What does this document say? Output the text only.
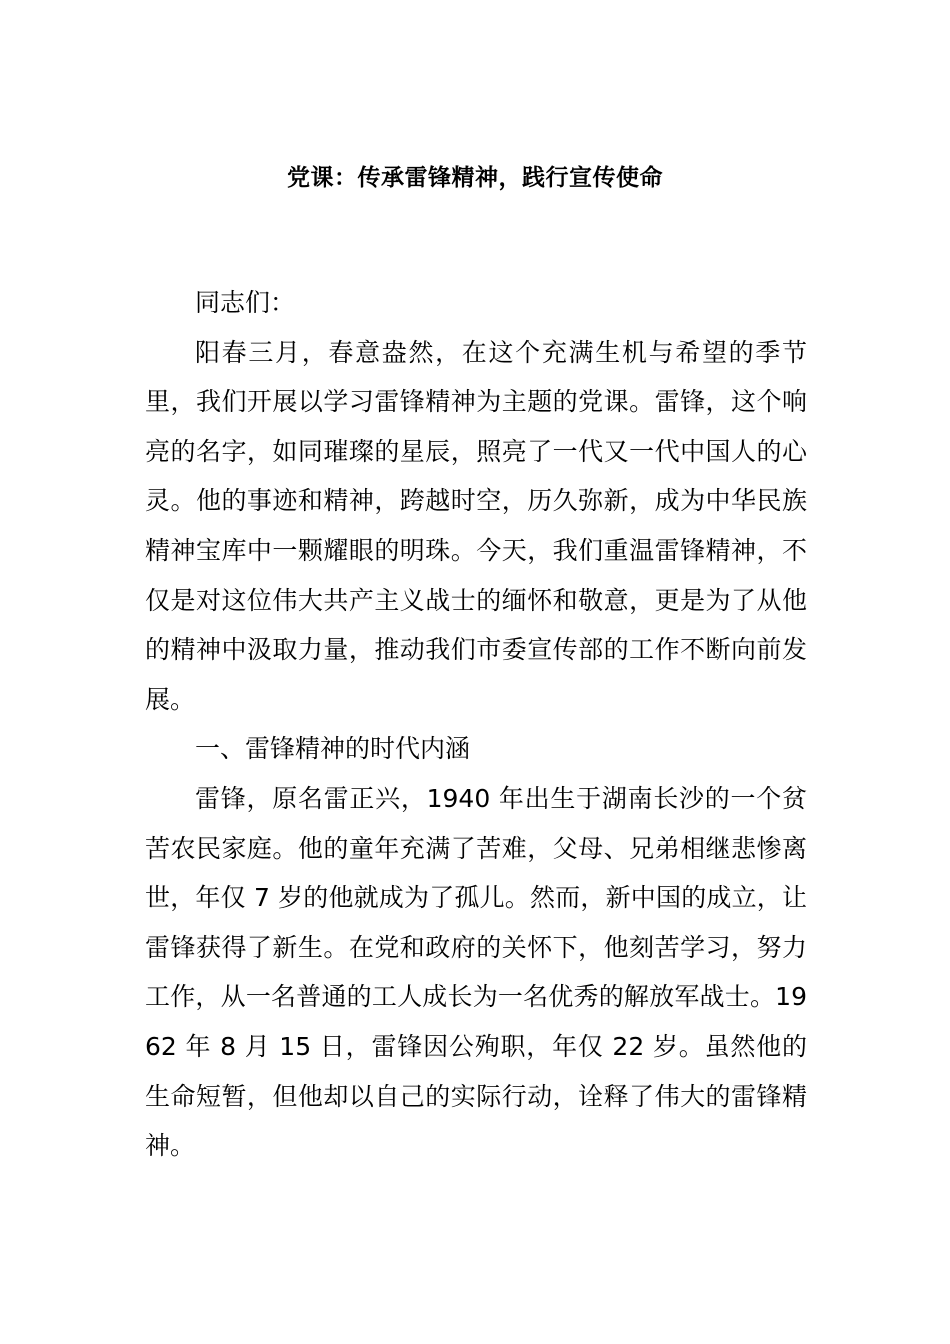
党课：传承雷锋精神，践行宣传使命

同志们：

阳春三月，春意盎然，在这个充满生机与希望的季节里，我们开展以学习雷锋精神为主题的党课。雷锋，这个响亮的名字，如同璀璨的星辰，照亮了一代又一代中国人的心灵。他的事迹和精神，跨越时空，历久弥新，成为中华民族精神宝库中一颗耀眼的明珠。今天，我们重温雷锋精神，不仅是对这位伟大共产主义战士的缅怀和敬意，更是为了从他的精神中汲取力量，推动我们市委宣传部的工作不断向前发展。

一、雷锋精神的时代内涵

雷锋，原名雷正兴，1940 年出生于湖南长沙的一个贫苦农民家庭。他的童年充满了苦难，父母、兄弟相继悲惨离世，年仅 7 岁的他就成为了孤儿。然而，新中国的成立，让雷锋获得了新生。在党和政府的关怀下，他刻苦学习，努力工作，从一名普通的工人成长为一名优秀的解放军战士。1962 年 8 月 15 日，雷锋因公殉职，年仅 22 岁。虽然他的生命短暂，但他却以自己的实际行动，诠释了伟大的雷锋精神。
